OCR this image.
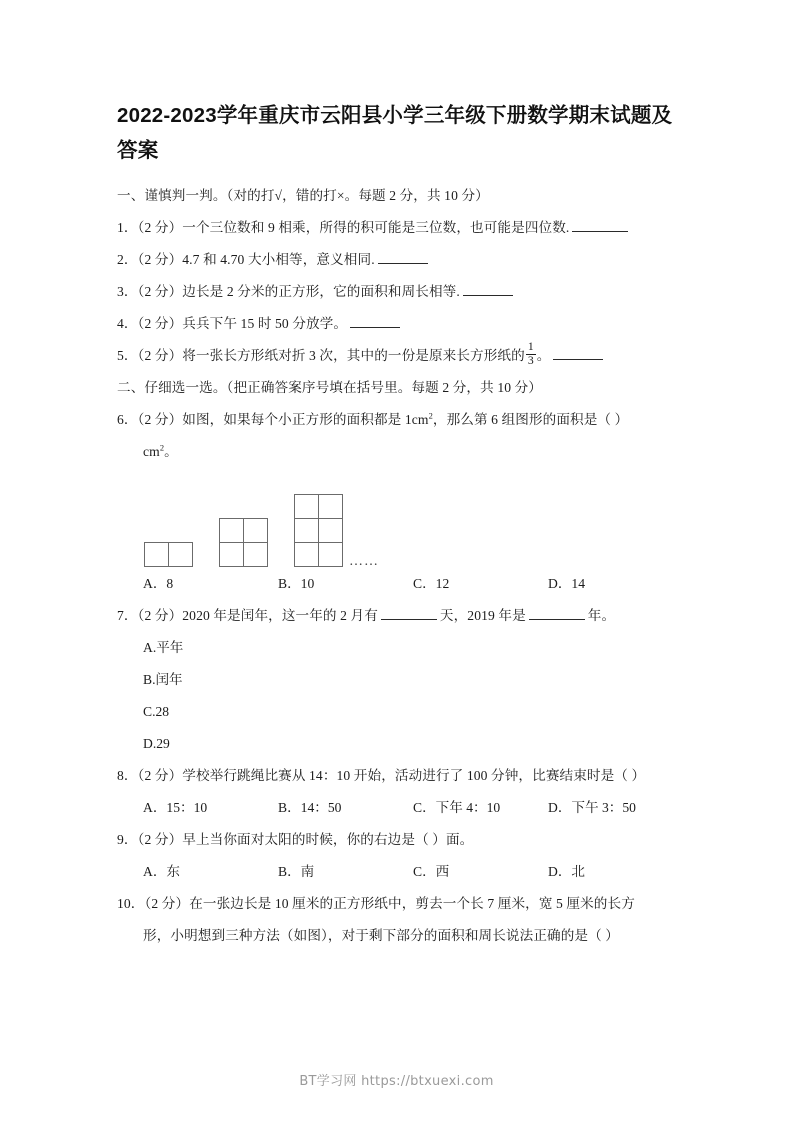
2022-2023学年重庆市云阳县小学三年级下册数学期末试题及答案
一、谨慎判一判。（对的打√，错的打×。每题 2 分，共 10 分）
1．（2 分）一个三位数和 9 相乘，所得的积可能是三位数，也可能是四位数.
2．（2 分）4.7 和 4.70 大小相等，意义相同.
3．（2 分）边长是 2 分米的正方形，它的面积和周长相等.
4．（2 分）兵兵下午 15 时 50 分放学。
5．（2 分）将一张长方形纸对折 3 次，其中的一份是原来长方形纸的 $\frac{1}{3}$ 。
二、仔细选一选。（把正确答案序号填在括号里。每题 2 分，共 10 分）
6．（2 分）如图，如果每个小正方形的面积都是 $1cm^2$，那么第 6 组图形的面积是（ ）
$cm^2$。
……
A．8	B．10	C．12	D．14
7．（2 分）2020 年是闰年，这一年的 2 月有	天，2019 年是	年。
A.平年
B.闰年
C.28
D.29
8．（2 分）学校举行跳绳比赛从 14：10 开始，活动进行了 100 分钟，比赛结束时是（ ）
A．15：10	B．14：50	C．下年 4：10	D．下午 3：50
9．（2 分）早上当你面对太阳的时候，你的右边是（ ）面。
A．东	B．南	C．西	D．北
10．（2 分）在一张边长是 10 厘米的正方形纸中，剪去一个长 7 厘米，宽 5 厘米的长方
形，小明想到三种方法（如图），对于剩下部分的面积和周长说法正确的是（ ）
BT学习网 https://btxuexi.com
